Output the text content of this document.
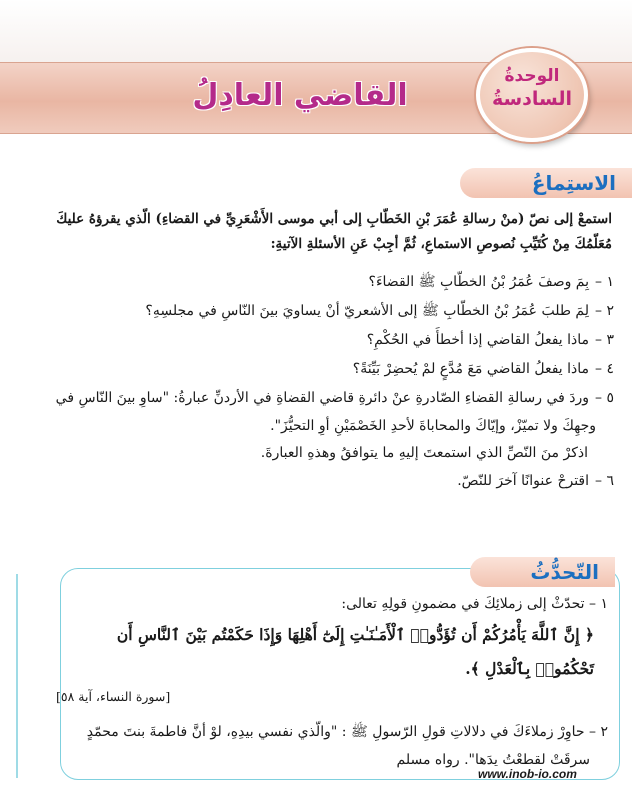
القاضي العادِلُ
الوحدةُ
السادسةُ
الاستِماعُ
استمعْ إلى نصّ (منْ رسالةِ عُمَرَ بْنِ الخَطّابِ إلى أبي موسى الأَشْعَرِيِّ في القضاءِ) الّذي يقرؤهُ عليكَ مُعَلّمُكَ مِنْ كُتَيِّبِ نُصوصِ الاستماعِ، ثُمَّ أجِبْ عَنِ الأسئلةِ الآتيةِ:
١ –بِمَ وصفَ عُمَرُ بْنُ الخطّابِ ﷺ القضاءَ؟
٢ –لِمَ طلبَ عُمَرُ بْنُ الخطّابِ ﷺ إلى الأشعريّ أنْ يساويَ بينَ النّاسِ في مجلسِهِ؟
٣ –ماذا يفعلُ القاضي إذا أخطأَ في الحُكْمِ؟
٤ –ماذا يفعلُ القاضي مَعَ مُدَّعٍ لمْ يُحضِرْ بَيِّنَةً؟
٥ –وردَ في رسالةِ القضاءِ الصّادرةِ عنْ دائرةِ قاضي القضاةِ في الأردنِّ عبارةُ: "ساوِ بينَ النّاسِ في
وجهِكَ ولا تميّزْ، وإيّاكَ والمحاباةَ لأحدِ الخَصْمَيْنِ أوِ التحيُّزَ".
اذكرْ منَ النّصِّ الذي استمعتَ إليهِ ما يتوافقُ وهذهِ العبارةَ.
٦ –اقترحْ عنوانًا آخرَ للنّصّ.
التّحدُّثُ
١ – تحدّثْ إلى زملائِكَ في مضمونِ قولِهِ تعالى:
﴿ إِنَّ ٱللَّهَ يَأْمُرُكُمْ أَن تُؤَدُّوا۟ ٱلْأَمَـٰنَـٰتِ إِلَىٰٓ أَهْلِهَا وَإِذَا حَكَمْتُم بَيْنَ ٱلنَّاسِ أَن تَحْكُمُوا۟ بِٱلْعَدْلِ ﴾.
[سورة النساء، آية ٥٨]
٢ – حاوِرْ زملاءَكَ في دلالاتِ قولِ الرّسولِ ﷺ : "والّذي نفسي بيدِهِ، لوْ أنَّ فاطمةَ بنتَ محمّدٍ
سرقَتْ لقطعْتُ يدَها". رواه مسلم
www.inob-io.com
